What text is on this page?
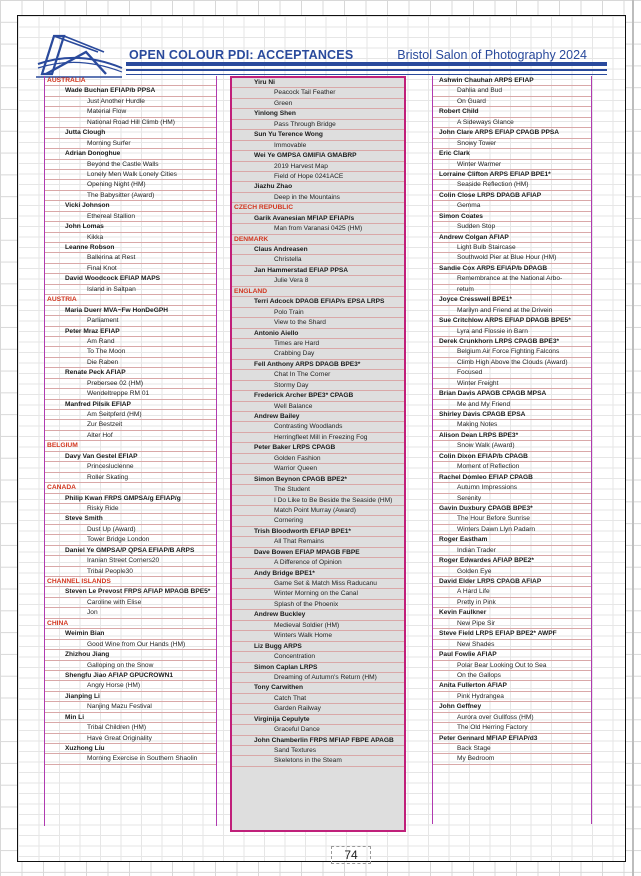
OPEN COLOUR PDI: ACCEPTANCES	Bristol Salon of Photography 2024
74
AUSTRALIA
Wade Buchan EFIAP/b PPSA
Just Another Hurdle
Material Flow
National Road Hill Climb (HM)
Jutta Clough
Morning Surfer
Adrian Donoghue
Beyond the Castle Walls
Lonely Men Walk Lonely Cities
Opening Night (HM)
The Babysitter (Award)
Vicki Johnson
Ethereal Stallion
John Lomas
Kikka
Leanne Robson
Ballerina at Rest
Final Knot
David Woodcock EFIAP MAPS
Island in Saltpan
AUSTRIA
Maria Duerr MVA~Fw HonDeGPH
Parliament
Peter Mraz EFIAP
Am Rand
To The Moon
Die Raben
Renate Peck AFIAP
Prebersee 02 (HM)
Wendeltreppe RM 01
Manfred Pilsik EFIAP
Am Seitpferd (HM)
Zur Bestzeit
Alter Hof
BELGIUM
Davy Van Gestel EFIAP
Princesluclenne
Roller Skating
CANADA
Philip Kwan FRPS GMPSA/g EFIAP/g
Risky Ride
Steve Smith
Dust Up (Award)
Tower Bridge London
Daniel Ye GMPSA/P QPSA EFIAP/B ARPS
Iranian Street Corners20
Tribal People30
CHANNEL ISLANDS
Steven Le Prevost FRPS AFIAP MPAGB BPE5*
Caroline with Elise
Jon
CHINA
Weimin Bian
Good Wine from Our Hands (HM)
Zhizhou Jiang
Galloping on the Snow
Shengfu Jiao AFIAP GPUCROWN1
Angry Horse (HM)
Jianping Li
Nanjing Mazu Festival
Min Li
Tribal Children (HM)
Have Great Originality
Xuzhong Liu
Morning Exercise in Southern Shaolin
Yiru Ni
Peacock Tail Feather
Green
Yinlong Shen
Pass Through Bridge
Sun Yu Terence Wong
Immovable
Wei Ye GMPSA GMIFIA GMABRP
2019 Harvest Map
Field of Hope 0241ACE
Jiazhu Zhao
Deep in the Mountains
CZECH REPUBLIC
Garik Avanesian MFIAP EFIAP/s
Man from Varanasi 0425 (HM)
DENMARK
Claus Andreasen
Christella
Jan Hammerstad EFIAP PPSA
Julie Vera 8
ENGLAND
Terri Adcock DPAGB EFIAP/s EPSA LRPS
Polo Train
View to the Shard
Antonio Aiello
Times are Hard
Crabbing Day
Fell Anthony ARPS DPAGB BPE3*
Chat In The Corner
Stormy Day
Frederick Archer BPE3* CPAGB
Well Balance
Andrew Bailey
Contrasting Woodlands
Herringfleet Mill in Freezing Fog
Peter Baker LRPS CPAGB
Golden Fashion
Warrior Queen
Simon Beynon CPAGB BPE2*
The Student
I Do Like to Be Beside the Seaside (HM)
Match Point Murray (Award)
Cornering
Trish Bloodworth EFIAP BPE1*
All That Remains
Dave Bowen EFIAP MPAGB FBPE
A Difference of Opinion
Andy Bridge BPE1*
Game Set & Match Miss Raducanu
Winter Morning on the Canal
Splash of the Phoenix
Andrew Buckley
Medieval Soldier (HM)
Winters Walk Home
Liz Bugg ARPS
Concentration
Simon Caplan LRPS
Dreaming of Autumn's Return (HM)
Tony Carwithen
Catch That
Garden Railway
Virginija Cepulyte
Graceful Dance
John Chamberlin FRPS MFIAP FBPE APAGB
Sand Textures
Skeletons in the Steam
Ashwin Chauhan ARPS EFIAP
Dahlia and Bud
On Guard
Robert Child
A Sideways Glance
John Clare ARPS EFIAP CPAGB PPSA
Snowy Tower
Eric Clark
Winter Warmer
Lorraine Clifton ARPS EFIAP BPE1*
Seaside Reflection (HM)
Colin Close LRPS DPAGB AFIAP
Gemma
Simon Coates
Sudden Stop
Andrew Colgan AFIAP
Light Bulb Staircase
Southwold Pier at Blue Hour (HM)
Sandie Cox ARPS EFIAP/b DPAGB
Remembrance at the National Arbo-
retum
Joyce Cresswell BPE1*
Marilyn and Friend at the Drivein
Sue Critchlow ARPS EFIAP DPAGB BPE5*
Lyra and Flossie in Barn
Derek Crunkhorn LRPS CPAGB BPE3*
Belgium Air Force Fighting Falcons
Climb High Above the Clouds (Award)
Focused
Winter Freight
Brian Davis APAGB CPAGB MPSA
Me and My Friend
Shirley Davis CPAGB EPSA
Making Notes
Alison Dean LRPS BPE3*
Snow Walk (Award)
Colin Dixon EFIAP/b CPAGB
Moment of Reflection
Rachel Domleo EFIAP CPAGB
Autumn Impressions
Serenity
Gavin Duxbury CPAGB BPE3*
The Hour Before Sunrise
Winters Dawn Llyn Padarn
Roger Eastham
Indian Trader
Roger Edwardes AFIAP BPE2*
Golden Eye
David Elder LRPS CPAGB AFIAP
A Hard Life
Pretty in Pink
Kevin Faulkner
New Pipe Sir
Steve Field LRPS EFIAP BPE2* AWPF
New Shades
Paul Fowlie AFIAP
Polar Bear Looking Out to Sea
On the Gallops
Anita Fullerton AFIAP
Pink Hydrangea
John Geffney
Aurora over Gullfoss (HM)
The Old Herring Factory
Peter Gennard MFIAP EFIAP/d3
Back Stage
My Bedroom
